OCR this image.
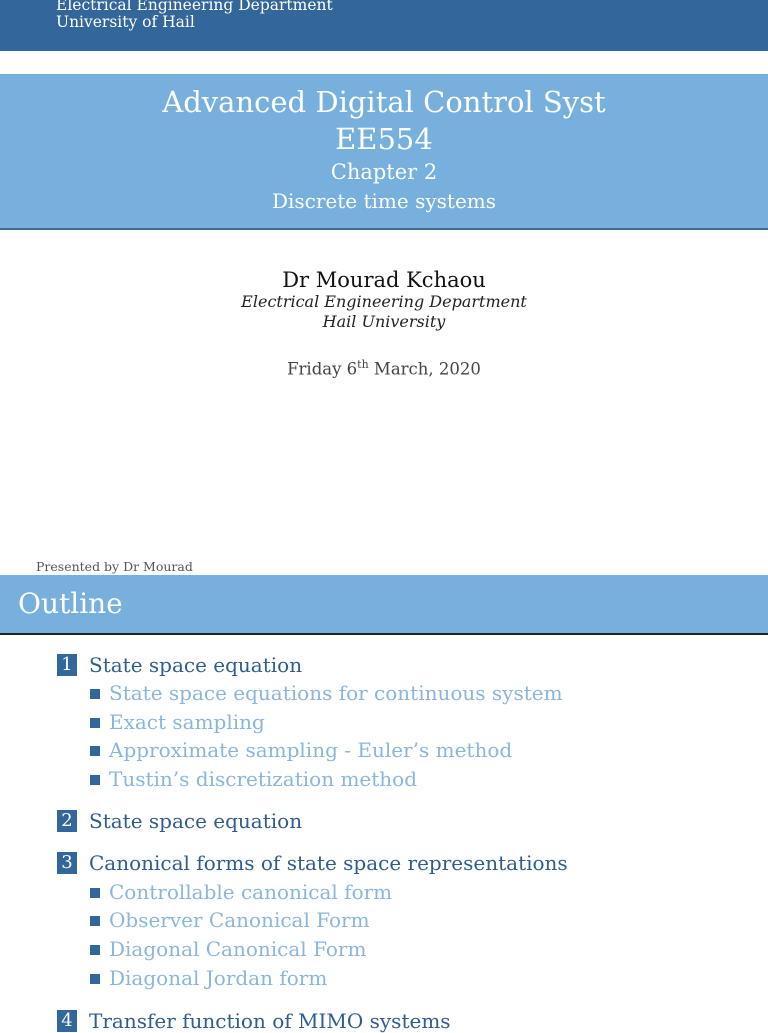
Electrical Engineering Department
University of Hail
Advanced Digital Control Syst
EE554
Chapter 2
Discrete time systems
Dr Mourad Kchaou
Electrical Engineering Department
Hail University
Friday 6th March, 2020
Presented by Dr Mourad
Outline
1 State space equation
State space equations for continuous system
Exact sampling
Approximate sampling - Euler’s method
Tustin’s discretization method
2 State space equation
3 Canonical forms of state space representations
Controllable canonical form
Observer Canonical Form
Diagonal Canonical Form
Diagonal Jordan form
4 Transfer function of MIMO systems
